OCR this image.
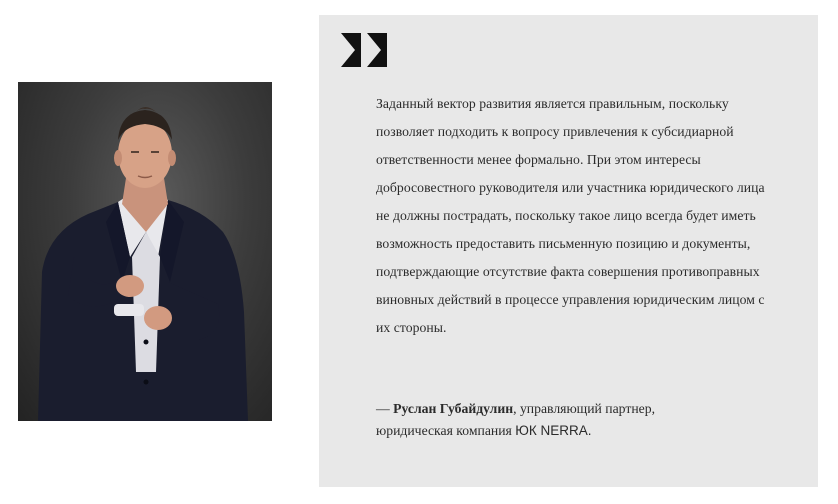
Заданный вектор развития является правильным, поскольку позволяет подходить к вопросу привлечения к субсидиарной ответственности менее формально. При этом интересы добросовестного руководителя или участника юридического лица не должны пострадать, поскольку такое лицо всегда будет иметь возможность предоставить письменную позицию и документы, подтверждающие отсутствие факта совершения противоправных виновных действий в процессе управления юридическим лицом с их стороны.

— Руслан Губайдулин, управляющий партнер,
юридическая компания ЮК NERRA.
